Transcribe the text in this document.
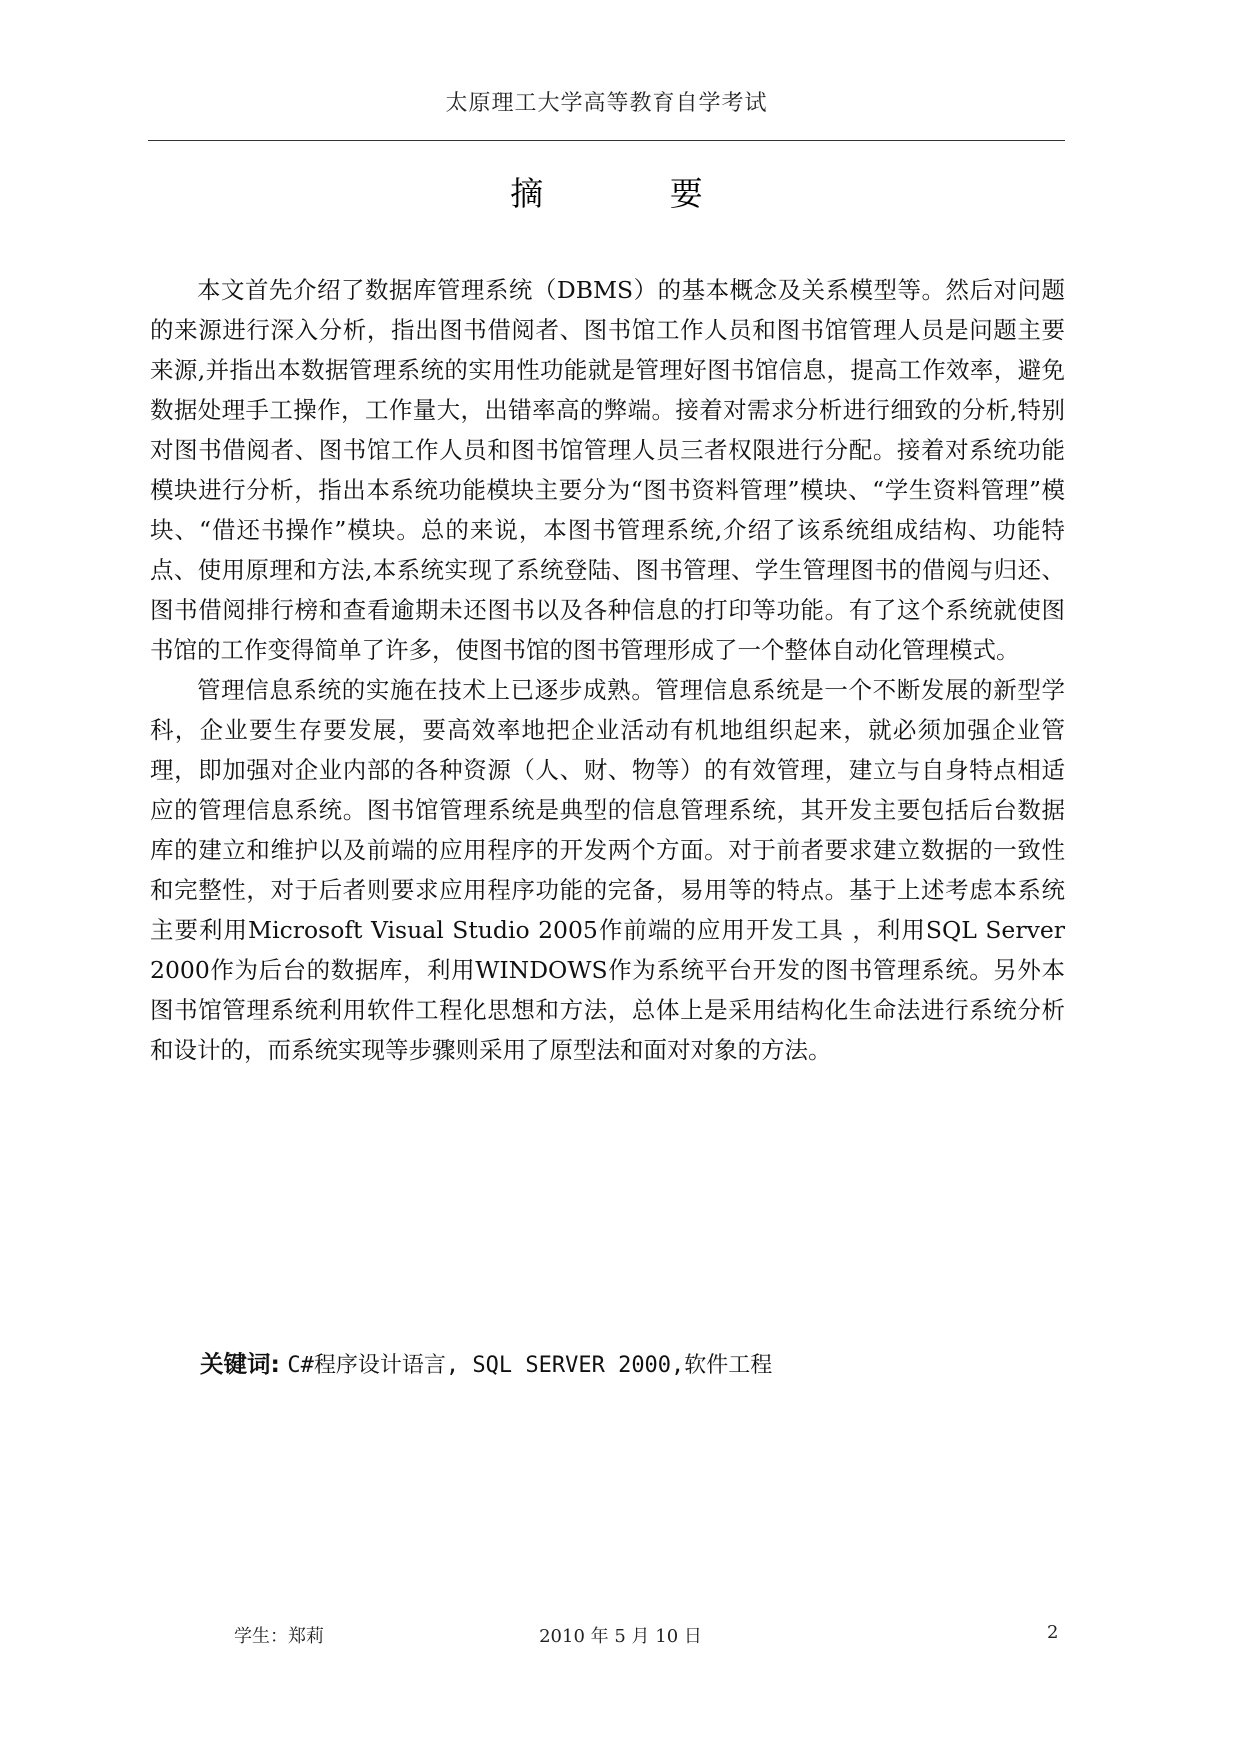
太原理工大学高等教育自学考试
摘 要

本文首先介绍了数据库管理系统（DBMS）的基本概念及关系模型等。然后对问题的来源进行深入分析，指出图书借阅者、图书馆工作人员和图书馆管理人员是问题主要来源,并指出本数据管理系统的实用性功能就是管理好图书馆信息，提高工作效率，避免数据处理手工操作，工作量大，出错率高的弊端。接着对需求分析进行细致的分析,特别对图书借阅者、图书馆工作人员和图书馆管理人员三者权限进行分配。接着对系统功能模块进行分析，指出本系统功能模块主要分为“图书资料管理”模块、“学生资料管理”模块、“借还书操作”模块。总的来说，本图书管理系统,介绍了该系统组成结构、功能特点、使用原理和方法,本系统实现了系统登陆、图书管理、学生管理图书的借阅与归还、图书借阅排行榜和查看逾期未还图书以及各种信息的打印等功能。有了这个系统就使图书馆的工作变得简单了许多，使图书馆的图书管理形成了一个整体自动化管理模式。

管理信息系统的实施在技术上已逐步成熟。管理信息系统是一个不断发展的新型学科，企业要生存要发展，要高效率地把企业活动有机地组织起来，就必须加强企业管理，即加强对企业内部的各种资源（人、财、物等）的有效管理，建立与自身特点相适应的管理信息系统。图书馆管理系统是典型的信息管理系统，其开发主要包括后台数据库的建立和维护以及前端的应用程序的开发两个方面。对于前者要求建立数据的一致性和完整性，对于后者则要求应用程序功能的完备，易用等的特点。基于上述考虑本系统主要利用Microsoft Visual Studio 2005作前端的应用开发工具 ，利用SQL Server 2000作为后台的数据库，利用WINDOWS作为系统平台开发的图书管理系统。另外本图书馆管理系统利用软件工程化思想和方法，总体上是采用结构化生命法进行系统分析和设计的，而系统实现等步骤则采用了原型法和面对对象的方法。

关键词: C#程序设计语言, SQL SERVER 2000,软件工程
学生：郑莉	2010 年 5 月 10 日	2
